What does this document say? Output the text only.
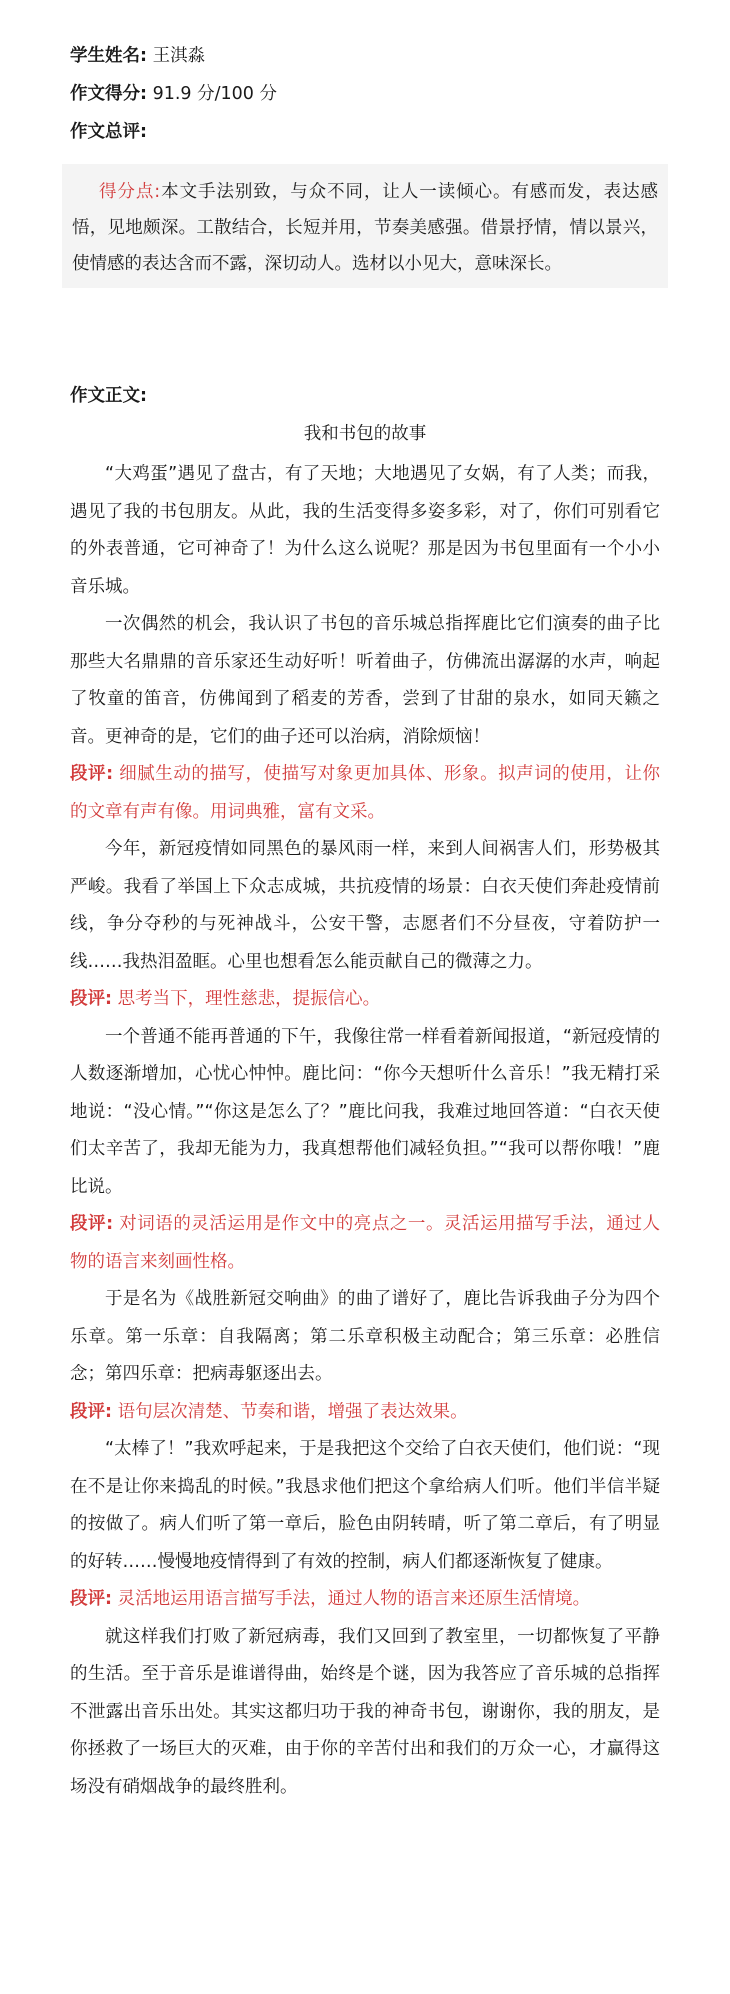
学生姓名: 王淇淼
作文得分: 91.9 分/100 分
作文总评:

得分点:本文手法别致，与众不同，让人一读倾心。有感而发，表达感悟，见地颇深。工散结合，长短并用，节奏美感强。借景抒情，情以景兴，使情感的表达含而不露，深切动人。选材以小见大，意味深长。

作文正文:
我和书包的故事

“大鸡蛋”遇见了盘古，有了天地；大地遇见了女娲，有了人类；而我，遇见了我的书包朋友。从此，我的生活变得多姿多彩，对了，你们可别看它的外表普通，它可神奇了！为什么这么说呢？那是因为书包里面有一个小小音乐城。

一次偶然的机会，我认识了书包的音乐城总指挥鹿比它们演奏的曲子比那些大名鼎鼎的音乐家还生动好听！听着曲子，仿佛流出潺潺的水声，响起了牧童的笛音，仿佛闻到了稻麦的芳香，尝到了甘甜的泉水，如同天籁之音。更神奇的是，它们的曲子还可以治病，消除烦恼！

段评: 细腻生动的描写，使描写对象更加具体、形象。拟声词的使用，让你的文章有声有像。用词典雅，富有文采。

今年，新冠疫情如同黑色的暴风雨一样，来到人间祸害人们，形势极其严峻。我看了举国上下众志成城，共抗疫情的场景：白衣天使们奔赴疫情前线，争分夺秒的与死神战斗，公安干警，志愿者们不分昼夜，守着防护一线……我热泪盈眶。心里也想看怎么能贡献自己的微薄之力。

段评: 思考当下，理性慈悲，提振信心。

一个普通不能再普通的下午，我像往常一样看着新闻报道，“新冠疫情的人数逐渐增加，心忧心忡忡。鹿比问：“你今天想听什么音乐！”我无精打采地说：“没心情。”“你这是怎么了？”鹿比问我，我难过地回答道：“白衣天使们太辛苦了，我却无能为力，我真想帮他们减轻负担。”“我可以帮你哦！”鹿比说。

段评: 对词语的灵活运用是作文中的亮点之一。灵活运用描写手法，通过人物的语言来刻画性格。

于是名为《战胜新冠交响曲》的曲了谱好了，鹿比告诉我曲子分为四个乐章。第一乐章：自我隔离；第二乐章积极主动配合；第三乐章：必胜信念；第四乐章：把病毒躯逐出去。

段评: 语句层次清楚、节奏和谐，增强了表达效果。

“太棒了！”我欢呼起来，于是我把这个交给了白衣天使们，他们说：“现在不是让你来捣乱的时候。”我恳求他们把这个拿给病人们听。他们半信半疑的按做了。病人们听了第一章后，脸色由阴转晴，听了第二章后，有了明显的好转……慢慢地疫情得到了有效的控制，病人们都逐渐恢复了健康。

段评: 灵活地运用语言描写手法，通过人物的语言来还原生活情境。

就这样我们打败了新冠病毒，我们又回到了教室里，一切都恢复了平静的生活。至于音乐是谁谱得曲，始终是个谜，因为我答应了音乐城的总指挥不泄露出音乐出处。其实这都归功于我的神奇书包，谢谢你，我的朋友，是你拯救了一场巨大的灭难，由于你的辛苦付出和我们的万众一心，才赢得这场没有硝烟战争的最终胜利。
